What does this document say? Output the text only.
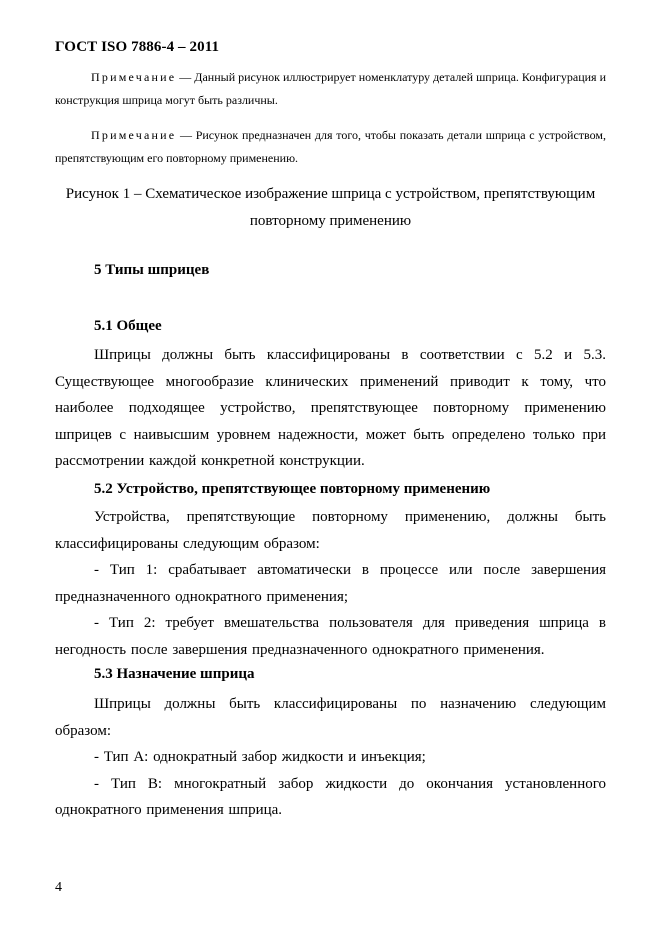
ГОСТ ISO 7886-4 – 2011

Примечание — Данный рисунок иллюстрирует номенклатуру деталей шприца. Конфигурация и конструкция шприца могут быть различны.

Примечание — Рисунок предназначен для того, чтобы показать детали шприца с устройством, препятствующим его повторному применению.

Рисунок 1 – Схематическое изображение шприца с устройством, препятствующим
повторному применению
5 Типы шприцев
5.1 Общее

Шприцы должны быть классифицированы в соответствии с 5.2 и 5.3. Существующее многообразие клинических применений приводит к тому, что наиболее подходящее устройство, препятствующее повторному применению шприцев с наивысшим уровнем надежности, может быть определено только при рассмотрении каждой конкретной конструкции.

5.2 Устройство, препятствующее повторному применению

Устройства, препятствующие повторному применению, должны быть классифицированы следующим образом:

- Тип 1: срабатывает автоматически в процессе или после завершения предназначенного однократного применения;

- Тип 2: требует вмешательства пользователя для приведения шприца в негодность после завершения предназначенного однократного применения.

5.3 Назначение шприца

Шприцы должны быть классифицированы по назначению следующим образом:

- Тип А: однократный забор жидкости и инъекция;

- Тип В: многократный забор жидкости до окончания установленного однократного применения шприца.

4
